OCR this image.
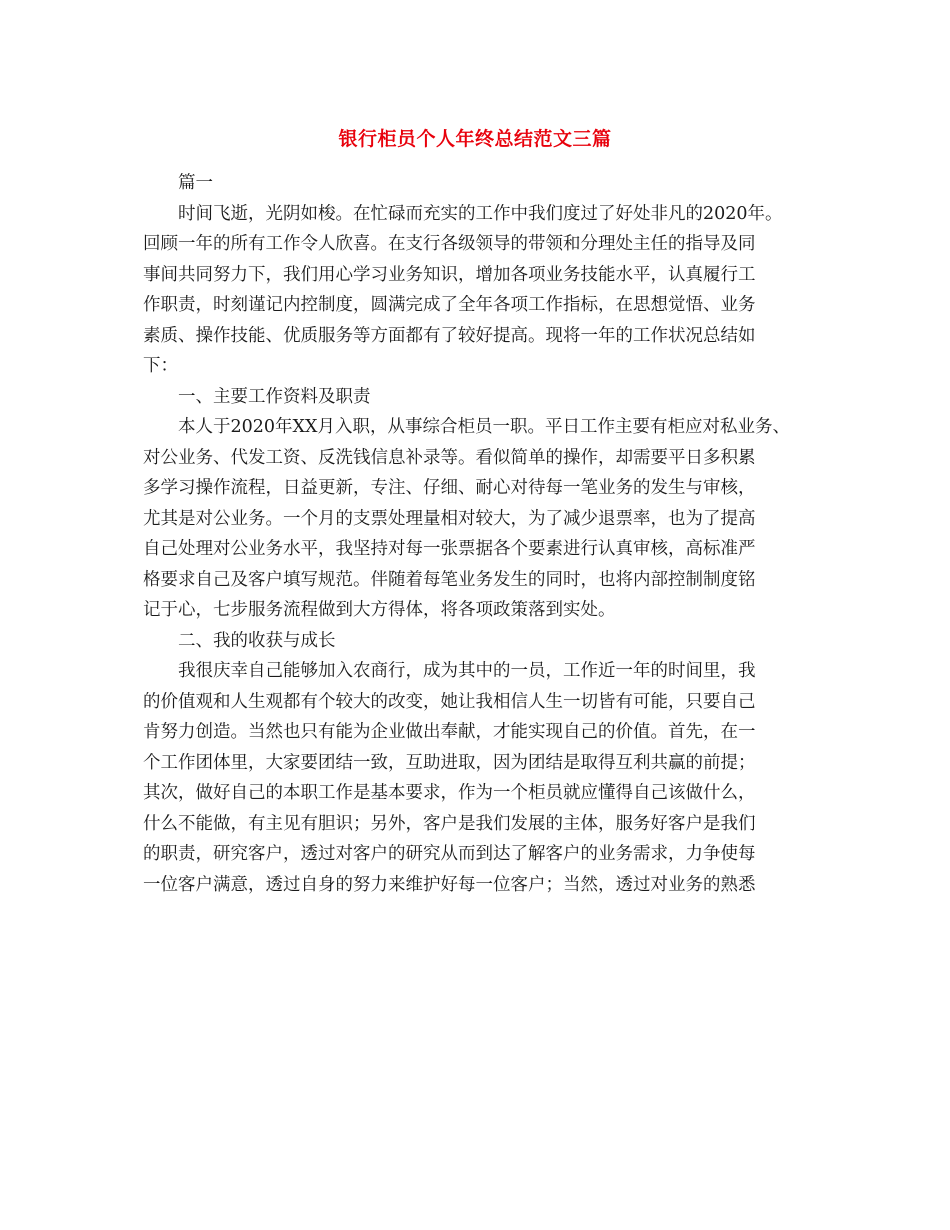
银行柜员个人年终总结范文三篇
篇一
时间飞逝，光阴如梭。在忙碌而充实的工作中我们度过了好处非凡的2020年。
回顾一年的所有工作令人欣喜。在支行各级领导的带领和分理处主任的指导及同
事间共同努力下，我们用心学习业务知识，增加各项业务技能水平，认真履行工
作职责，时刻谨记内控制度，圆满完成了全年各项工作指标，在思想觉悟、业务
素质、操作技能、优质服务等方面都有了较好提高。现将一年的工作状况总结如
下：
一、主要工作资料及职责
本人于2020年XX月入职，从事综合柜员一职。平日工作主要有柜应对私业务、
对公业务、代发工资、反洗钱信息补录等。看似简单的操作，却需要平日多积累
多学习操作流程，日益更新，专注、仔细、耐心对待每一笔业务的发生与审核，
尤其是对公业务。一个月的支票处理量相对较大，为了减少退票率，也为了提高
自己处理对公业务水平，我坚持对每一张票据各个要素进行认真审核，高标准严
格要求自己及客户填写规范。伴随着每笔业务发生的同时，也将内部控制制度铭
记于心，七步服务流程做到大方得体，将各项政策落到实处。
二、我的收获与成长
我很庆幸自己能够加入农商行，成为其中的一员，工作近一年的时间里，我
的价值观和人生观都有个较大的改变，她让我相信人生一切皆有可能，只要自己
肯努力创造。当然也只有能为企业做出奉献，才能实现自己的价值。首先，在一
个工作团体里，大家要团结一致，互助进取，因为团结是取得互利共赢的前提；
其次，做好自己的本职工作是基本要求，作为一个柜员就应懂得自己该做什么，
什么不能做，有主见有胆识；另外，客户是我们发展的主体，服务好客户是我们
的职责，研究客户，透过对客户的研究从而到达了解客户的业务需求，力争使每
一位客户满意，透过自身的努力来维护好每一位客户；当然，透过对业务的熟悉
